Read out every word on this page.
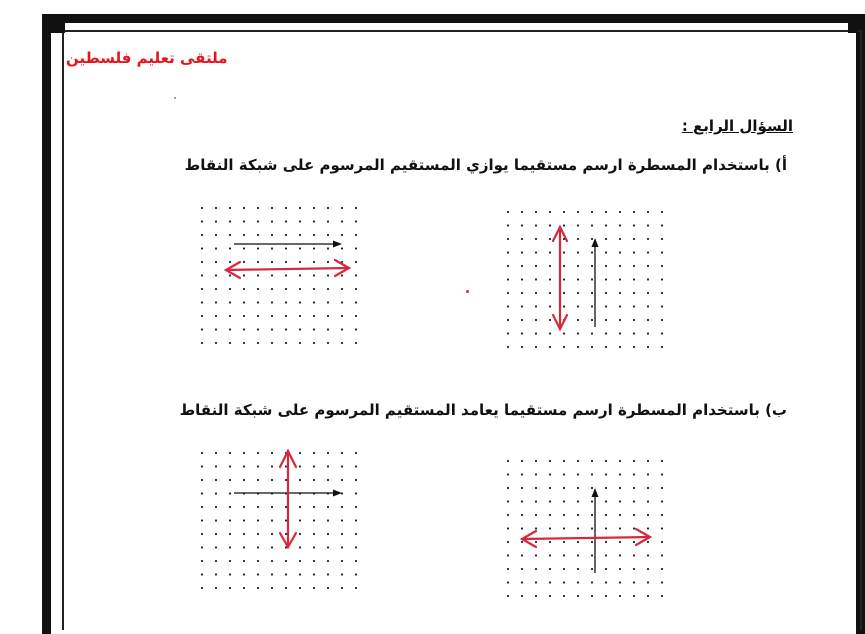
ملتقى تعليم فلسطين
السؤال الرابع :
أ) باستخدام المسطرة ارسم مستقيما يوازي المستقيم المرسوم على شبكة النقاط
ب) باستخدام المسطرة ارسم مستقيما يعامد المستقيم المرسوم على شبكة النقاط
